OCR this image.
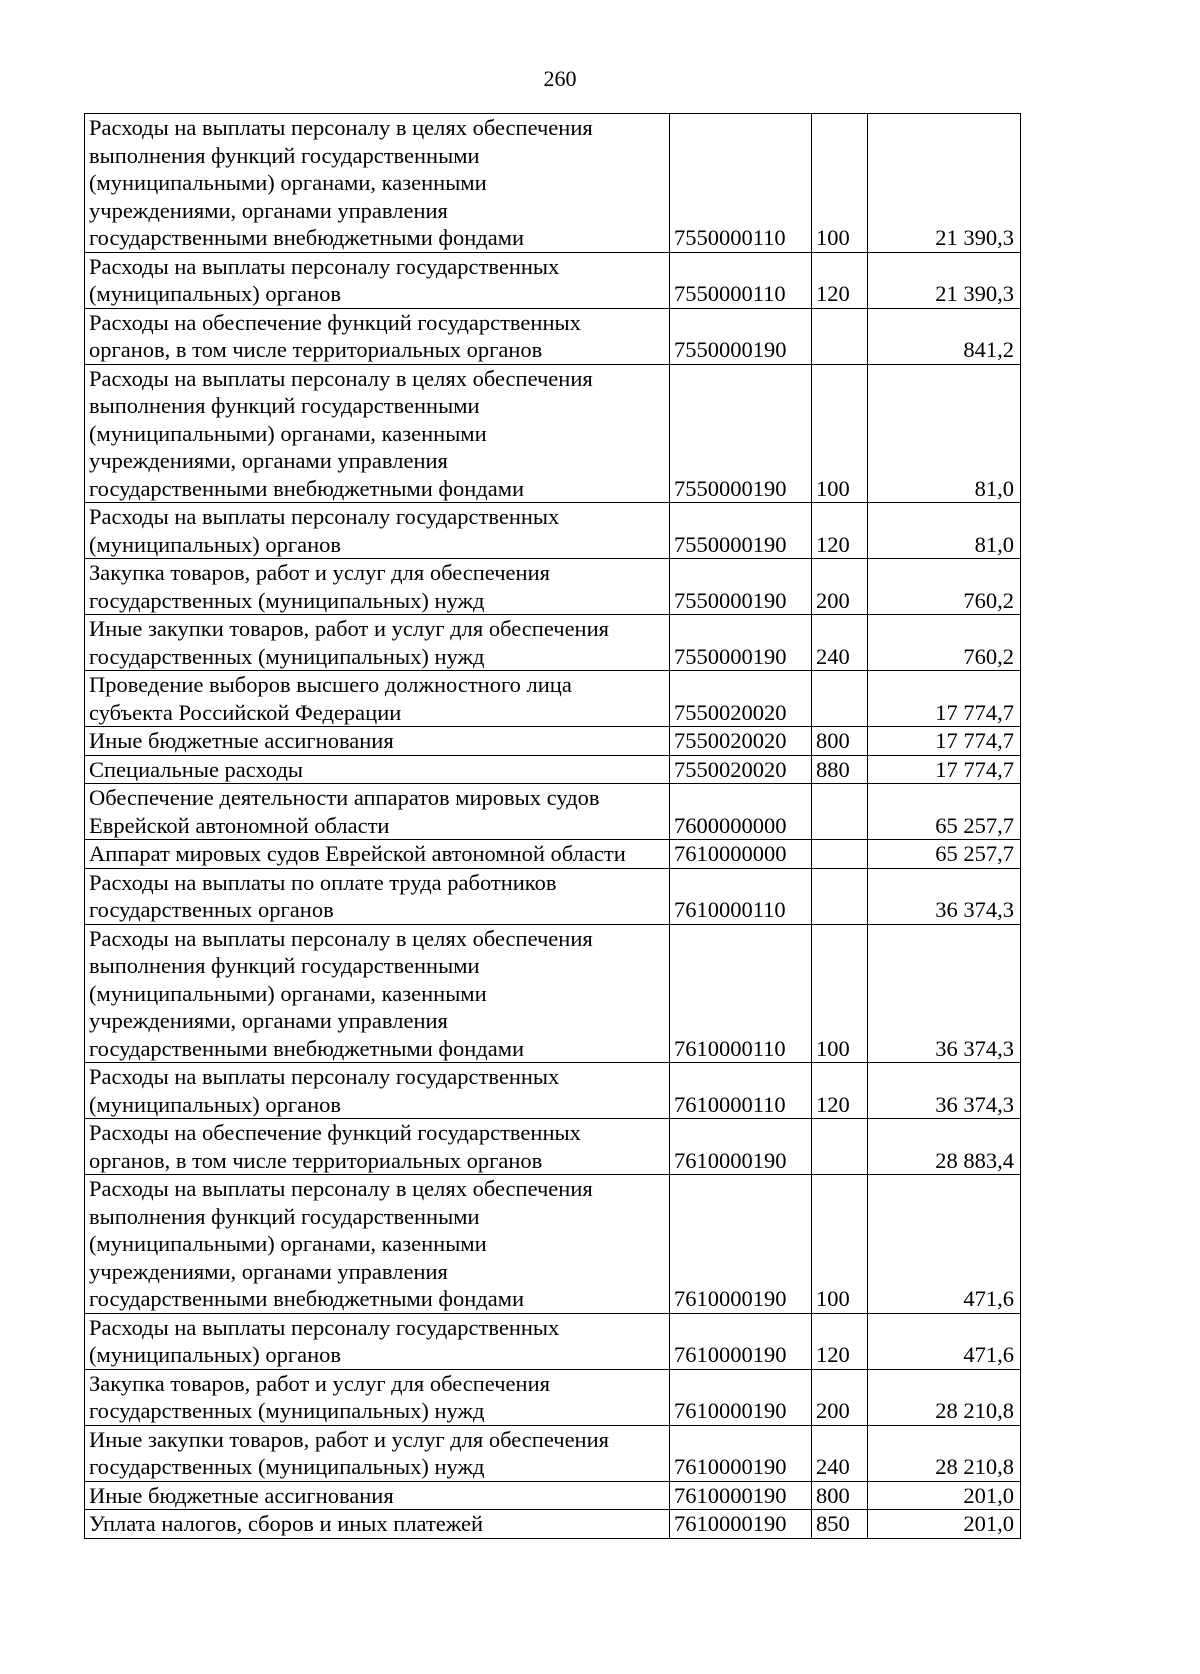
260
Расходы на выплаты персоналу в целях обеспечения
выполнения функций государственными
(муниципальными) органами, казенными
учреждениями, органами управления
государственными внебюджетными фондами	7550000110	100	21 390,3
Расходы на выплаты персоналу государственных
(муниципальных) органов	7550000110	120	21 390,3
Расходы на обеспечение функций государственных
органов, в том числе территориальных органов	7550000190		841,2
Расходы на выплаты персоналу в целях обеспечения
выполнения функций государственными
(муниципальными) органами, казенными
учреждениями, органами управления
государственными внебюджетными фондами	7550000190	100	81,0
Расходы на выплаты персоналу государственных
(муниципальных) органов	7550000190	120	81,0
Закупка товаров, работ и услуг для обеспечения
государственных (муниципальных) нужд	7550000190	200	760,2
Иные закупки товаров, работ и услуг для обеспечения
государственных (муниципальных) нужд	7550000190	240	760,2
Проведение выборов высшего должностного лица
субъекта Российской Федерации	7550020020		17 774,7
Иные бюджетные ассигнования	7550020020	800	17 774,7
Специальные расходы	7550020020	880	17 774,7
Обеспечение деятельности аппаратов мировых судов
Еврейской автономной области	7600000000		65 257,7
Аппарат мировых судов Еврейской автономной области	7610000000		65 257,7
Расходы на выплаты по оплате труда работников
государственных органов	7610000110		36 374,3
Расходы на выплаты персоналу в целях обеспечения
выполнения функций государственными
(муниципальными) органами, казенными
учреждениями, органами управления
государственными внебюджетными фондами	7610000110	100	36 374,3
Расходы на выплаты персоналу государственных
(муниципальных) органов	7610000110	120	36 374,3
Расходы на обеспечение функций государственных
органов, в том числе территориальных органов	7610000190		28 883,4
Расходы на выплаты персоналу в целях обеспечения
выполнения функций государственными
(муниципальными) органами, казенными
учреждениями, органами управления
государственными внебюджетными фондами	7610000190	100	471,6
Расходы на выплаты персоналу государственных
(муниципальных) органов	7610000190	120	471,6
Закупка товаров, работ и услуг для обеспечения
государственных (муниципальных) нужд	7610000190	200	28 210,8
Иные закупки товаров, работ и услуг для обеспечения
государственных (муниципальных) нужд	7610000190	240	28 210,8
Иные бюджетные ассигнования	7610000190	800	201,0
Уплата налогов, сборов и иных платежей	7610000190	850	201,0
